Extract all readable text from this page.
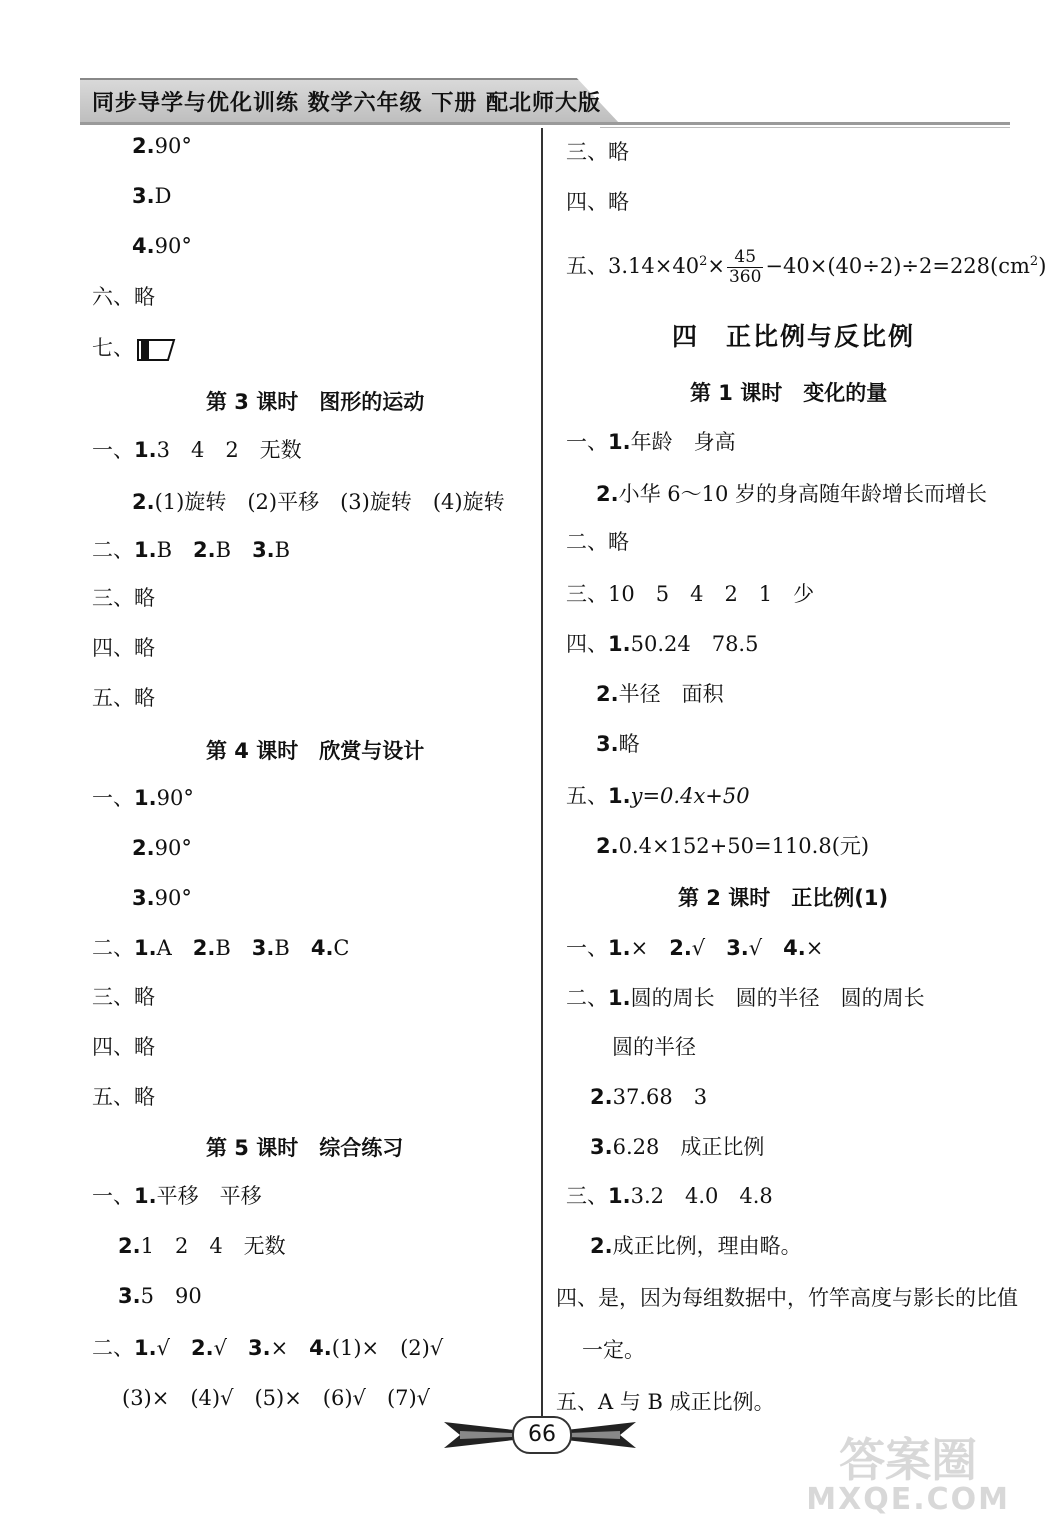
同步导学与优化训练 数学六年级 下册 配北师大版
2.90°
3.D
4.90°
六、略
七、
第 3 课时　图形的运动
一、1.3　4　2　无数
2.(1)旋转　(2)平移　(3)旋转　(4)旋转
二、1.B　2.B　3.B
三、略
四、略
五、略
第 4 课时　欣赏与设计
一、1.90°
2.90°
3.90°
二、1.A　2.B　3.B　4.C
三、略
四、略
五、略
第 5 课时　综合练习
一、1.平移　平移
2.1　2　4　无数
3.5　90
二、1.√　2.√　3.×　4.(1)×　(2)√
(3)×　(4)√　(5)×　(6)√　(7)√
三、略
四、略
五、$3.14\times 40^2\times \frac{45}{360} -40\times(40\div 2)\div 2=228(cm^2)$
四　正比例与反比例
第 1 课时　变化的量
一、1.年龄　身高
2.小华 6～10 岁的身高随年龄增长而增长
二、略
三、10　5　4　2　1　少
四、1.50.24　78.5
2.半径　面积
3.略
五、1.y=0.4x+50
2.0.4×152+50=110.8(元)
第 2 课时　正比例(1)
一、1.×　2.√　3.√　4.×
二、1.圆的周长　圆的半径　圆的周长
圆的半径
2.37.68　3
3.6.28　成正比例
三、1.3.2　4.0　4.8
2.成正比例，理由略。
四、是，因为每组数据中，竹竿高度与影长的比值
一定。
五、A 与 B 成正比例。
66	答案圈
MXQE.COM
